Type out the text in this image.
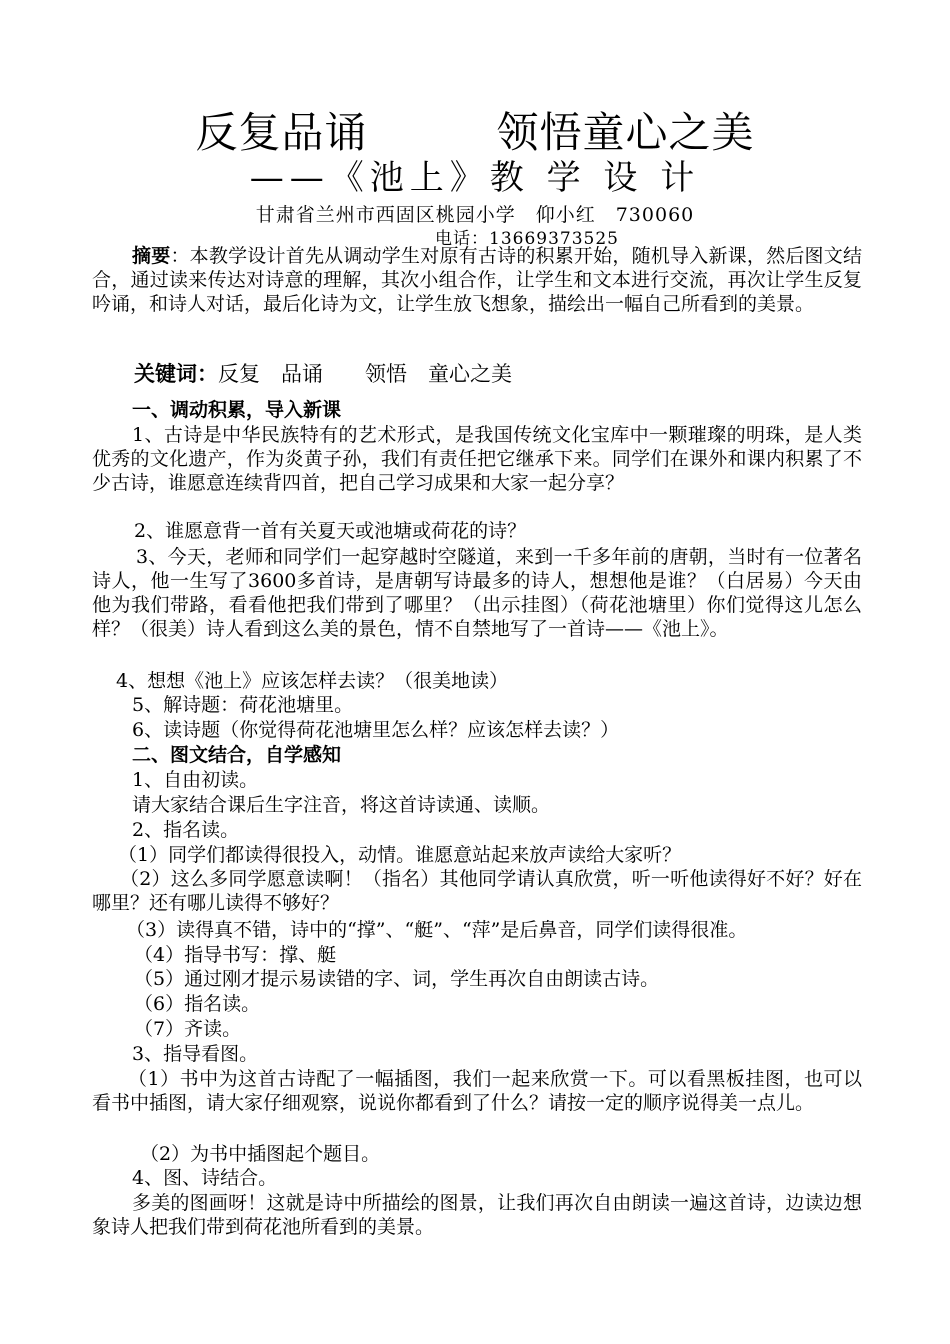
反复品诵　　　领悟童心之美
——《池上》教 学 设 计
甘肃省兰州市西固区桃园小学　仰小红　730060
电话：13669373525

摘要：本教学设计首先从调动学生对原有古诗的积累开始，随机导入新课，然后图文结合，通过读来传达对诗意的理解，其次小组合作，让学生和文本进行交流，再次让学生反复吟诵，和诗人对话，最后化诗为文，让学生放飞想象，描绘出一幅自己所看到的美景。

关键词：反复　品诵　　领悟　童心之美
一、调动积累，导入新课

1、古诗是中华民族特有的艺术形式，是我国传统文化宝库中一颗璀璨的明珠，是人类优秀的文化遗产，作为炎黄子孙，我们有责任把它继承下来。同学们在课外和课内积累了不少古诗，谁愿意连续背四首，把自己学习成果和大家一起分享？

2、谁愿意背一首有关夏天或池塘或荷花的诗？

3、今天，老师和同学们一起穿越时空隧道，来到一千多年前的唐朝，当时有一位著名诗人，他一生写了3600多首诗，是唐朝写诗最多的诗人，想想他是谁？（白居易）今天由他为我们带路，看看他把我们带到了哪里？（出示挂图）（荷花池塘里）你们觉得这儿怎么样？（很美）诗人看到这么美的景色，情不自禁地写了一首诗——《池上》。

4、想想《池上》应该怎样去读？（很美地读）
5、解诗题：荷花池塘里。
6、读诗题（你觉得荷花池塘里怎么样？应该怎样去读？）
二、图文结合，自学感知
1、自由初读。
请大家结合课后生字注音，将这首诗读通、读顺。
2、指名读。
（1）同学们都读得很投入，动情。谁愿意站起来放声读给大家听？

（2）这么多同学愿意读啊！（指名）其他同学请认真欣赏，听一听他读得好不好？好在哪里？还有哪儿读得不够好？

（3）读得真不错，诗中的“撑”、“艇”、“萍”是后鼻音，同学们读得很准。
（4）指导书写：撑、艇
（5）通过刚才提示易读错的字、词，学生再次自由朗读古诗。
（6）指名读。
（7）齐读。
3、指导看图。

（1）书中为这首古诗配了一幅插图，我们一起来欣赏一下。可以看黑板挂图，也可以看书中插图，请大家仔细观察，说说你都看到了什么？请按一定的顺序说得美一点儿。

（2）为书中插图起个题目。
4、图、诗结合。

多美的图画呀！这就是诗中所描绘的图景，让我们再次自由朗读一遍这首诗，边读边想象诗人把我们带到荷花池所看到的美景。
